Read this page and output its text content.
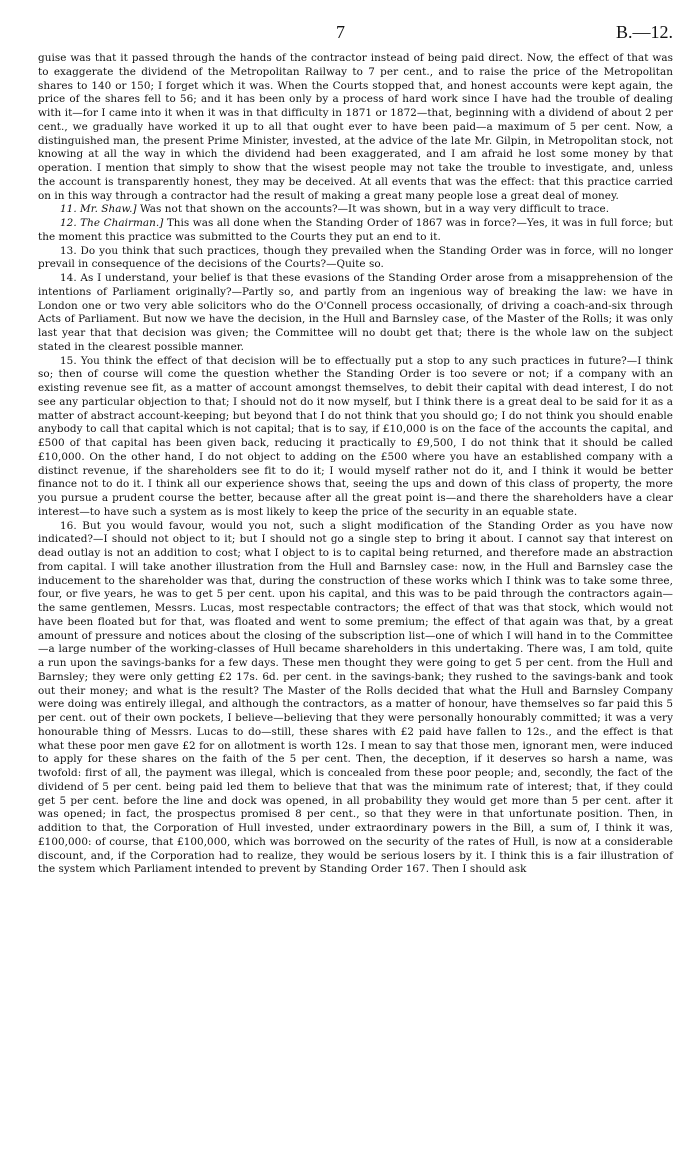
7	B.—12.

guise was that it passed through the hands of the contractor instead of being paid direct. Now, the effect of that was to exaggerate the dividend of the Metropolitan Railway to 7 per cent., and to raise the price of the Metropolitan shares to 140 or 150; I forget which it was. When the Courts stopped that, and honest accounts were kept again, the price of the shares fell to 56; and it has been only by a process of hard work since I have had the trouble of dealing with it—for I came into it when it was in that difficulty in 1871 or 1872—that, beginning with a dividend of about 2 per cent., we gradually have worked it up to all that ought ever to have been paid—a maximum of 5 per cent. Now, a distinguished man, the present Prime Minister, invested, at the advice of the late Mr. Gilpin, in Metropolitan stock, not knowing at all the way in which the dividend had been exaggerated, and I am afraid he lost some money by that operation. I mention that simply to show that the wisest people may not take the trouble to investigate, and, unless the account is transparently honest, they may be deceived. At all events that was the effect: that this practice carried on in this way through a contractor had the result of making a great many people lose a great deal of money.

11. Mr. Shaw.] Was not that shown on the accounts?—It was shown, but in a way very difficult to trace.

12. The Chairman.] This was all done when the Standing Order of 1867 was in force?—Yes, it was in full force; but the moment this practice was submitted to the Courts they put an end to it.

13. Do you think that such practices, though they prevailed when the Standing Order was in force, will no longer prevail in consequence of the decisions of the Courts?—Quite so.

14. As I understand, your belief is that these evasions of the Standing Order arose from a misapprehension of the intentions of Parliament originally?—Partly so, and partly from an ingenious way of breaking the law: we have in London one or two very able solicitors who do the O'Connell process occasionally, of driving a coach-and-six through Acts of Parliament. But now we have the decision, in the Hull and Barnsley case, of the Master of the Rolls; it was only last year that that decision was given; the Committee will no doubt get that; there is the whole law on the subject stated in the clearest possible manner.

15. You think the effect of that decision will be to effectually put a stop to any such practices in future?—I think so; then of course will come the question whether the Standing Order is too severe or not; if a company with an existing revenue see fit, as a matter of account amongst themselves, to debit their capital with dead interest, I do not see any particular objection to that; I should not do it now myself, but I think there is a great deal to be said for it as a matter of abstract account-keeping; but beyond that I do not think that you should go; I do not think you should enable anybody to call that capital which is not capital; that is to say, if £10,000 is on the face of the accounts the capital, and £500 of that capital has been given back, reducing it practically to £9,500, I do not think that it should be called £10,000. On the other hand, I do not object to adding on the £500 where you have an established company with a distinct revenue, if the shareholders see fit to do it; I would myself rather not do it, and I think it would be better finance not to do it. I think all our experience shows that, seeing the ups and down of this class of property, the more you pursue a prudent course the better, because after all the great point is—and there the shareholders have a clear interest—to have such a system as is most likely to keep the price of the security in an equable state.

16. But you would favour, would you not, such a slight modification of the Standing Order as you have now indicated?—I should not object to it; but I should not go a single step to bring it about. I cannot say that interest on dead outlay is not an addition to cost; what I object to is to capital being returned, and therefore made an abstraction from capital. I will take another illustration from the Hull and Barnsley case: now, in the Hull and Barnsley case the inducement to the shareholder was that, during the construction of these works which I think was to take some three, four, or five years, he was to get 5 per cent. upon his capital, and this was to be paid through the contractors again—the same gentlemen, Messrs. Lucas, most respectable contractors; the effect of that was that stock, which would not have been floated but for that, was floated and went to some premium; the effect of that again was that, by a great amount of pressure and notices about the closing of the subscription list—one of which I will hand in to the Committee—a large number of the working-classes of Hull became shareholders in this undertaking. There was, I am told, quite a run upon the savings-banks for a few days. These men thought they were going to get 5 per cent. from the Hull and Barnsley; they were only getting £2 17s. 6d. per cent. in the savings-bank; they rushed to the savings-bank and took out their money; and what is the result? The Master of the Rolls decided that what the Hull and Barnsley Company were doing was entirely illegal, and although the contractors, as a matter of honour, have themselves so far paid this 5 per cent. out of their own pockets, I believe—believing that they were personally honourably committed; it was a very honourable thing of Messrs. Lucas to do—still, these shares with £2 paid have fallen to 12s., and the effect is that what these poor men gave £2 for on allotment is worth 12s. I mean to say that those men, ignorant men, were induced to apply for these shares on the faith of the 5 per cent. Then, the deception, if it deserves so harsh a name, was twofold: first of all, the payment was illegal, which is concealed from these poor people; and, secondly, the fact of the dividend of 5 per cent. being paid led them to believe that that was the minimum rate of interest; that, if they could get 5 per cent. before the line and dock was opened, in all probability they would get more than 5 per cent. after it was opened; in fact, the prospectus promised 8 per cent., so that they were in that unfortunate position. Then, in addition to that, the Corporation of Hull invested, under extraordinary powers in the Bill, a sum of, I think it was, £100,000: of course, that £100,000, which was borrowed on the security of the rates of Hull, is now at a considerable discount, and, if the Corporation had to realize, they would be serious losers by it. I think this is a fair illustration of the system which Parliament intended to prevent by Standing Order 167. Then I should ask
